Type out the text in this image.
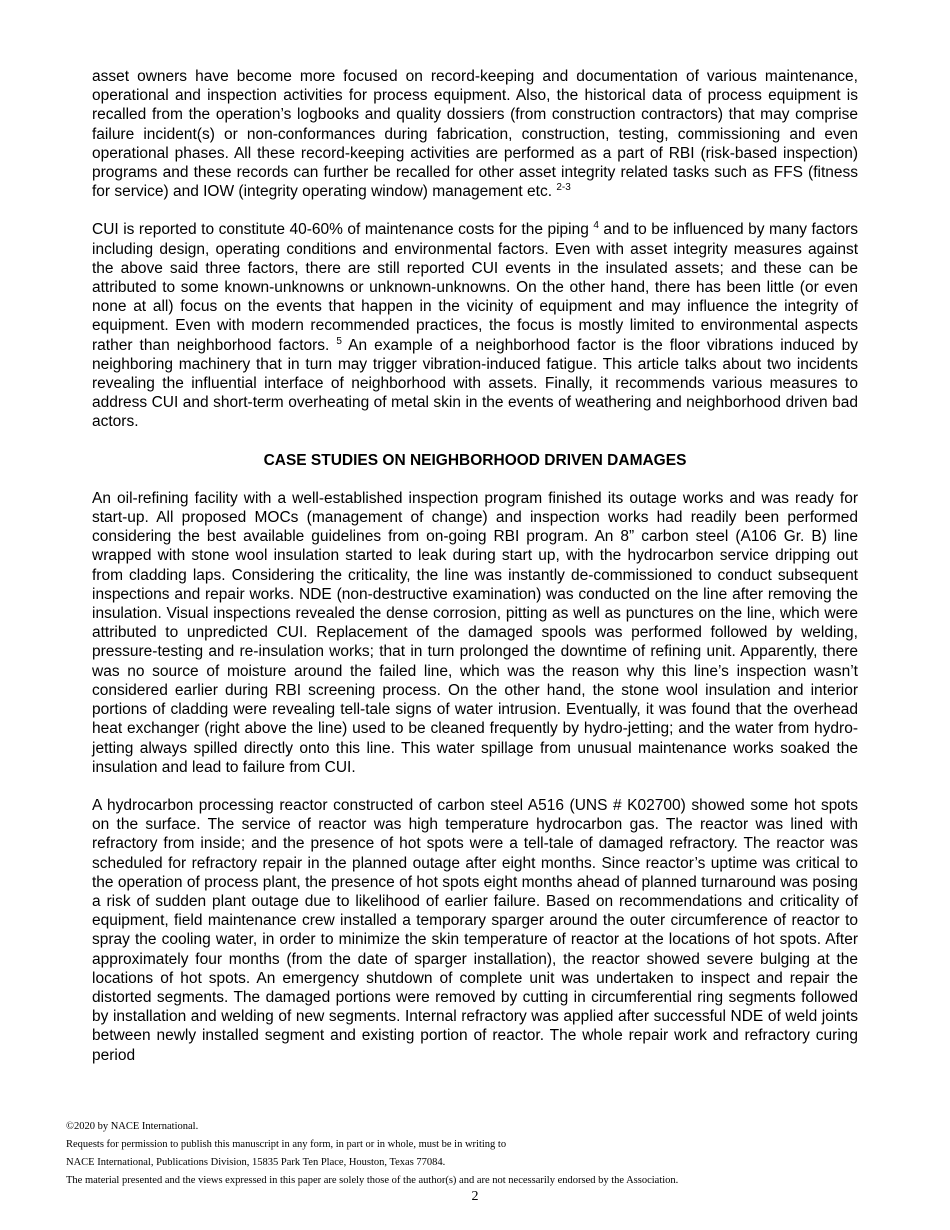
asset owners have become more focused on record-keeping and documentation of various maintenance, operational and inspection activities for process equipment. Also, the historical data of process equipment is recalled from the operation’s logbooks and quality dossiers (from construction contractors) that may comprise failure incident(s) or non-conformances during fabrication, construction, testing, commissioning and even operational phases. All these record-keeping activities are performed as a part of RBI (risk-based inspection) programs and these records can further be recalled for other asset integrity related tasks such as FFS (fitness for service) and IOW (integrity operating window) management etc. $^{2-3}$

CUI is reported to constitute 40-60% of maintenance costs for the piping $^4$ and to be influenced by many factors including design, operating conditions and environmental factors. Even with asset integrity measures against the above said three factors, there are still reported CUI events in the insulated assets; and these can be attributed to some known-unknowns or unknown-unknowns. On the other hand, there has been little (or even none at all) focus on the events that happen in the vicinity of equipment and may influence the integrity of equipment. Even with modern recommended practices, the focus is mostly limited to environmental aspects rather than neighborhood factors. $^5$ An example of a neighborhood factor is the floor vibrations induced by neighboring machinery that in turn may trigger vibration-induced fatigue. This article talks about two incidents revealing the influential interface of neighborhood with assets. Finally, it recommends various measures to address CUI and short-term overheating of metal skin in the events of weathering and neighborhood driven bad actors.

CASE STUDIES ON NEIGHBORHOOD DRIVEN DAMAGES

An oil-refining facility with a well-established inspection program finished its outage works and was ready for start-up. All proposed MOCs (management of change) and inspection works had readily been performed considering the best available guidelines from on-going RBI program. An 8” carbon steel (A106 Gr. B) line wrapped with stone wool insulation started to leak during start up, with the hydrocarbon service dripping out from cladding laps. Considering the criticality, the line was instantly de-commissioned to conduct subsequent inspections and repair works. NDE (non-destructive examination) was conducted on the line after removing the insulation. Visual inspections revealed the dense corrosion, pitting as well as punctures on the line, which were attributed to unpredicted CUI. Replacement of the damaged spools was performed followed by welding, pressure-testing and re-insulation works; that in turn prolonged the downtime of refining unit. Apparently, there was no source of moisture around the failed line, which was the reason why this line’s inspection wasn’t considered earlier during RBI screening process. On the other hand, the stone wool insulation and interior portions of cladding were revealing tell-tale signs of water intrusion. Eventually, it was found that the overhead heat exchanger (right above the line) used to be cleaned frequently by hydro-jetting; and the water from hydro-jetting always spilled directly onto this line. This water spillage from unusual maintenance works soaked the insulation and lead to failure from CUI.

A hydrocarbon processing reactor constructed of carbon steel A516 (UNS # K02700) showed some hot spots on the surface. The service of reactor was high temperature hydrocarbon gas. The reactor was lined with refractory from inside; and the presence of hot spots were a tell-tale of damaged refractory. The reactor was scheduled for refractory repair in the planned outage after eight months. Since reactor’s uptime was critical to the operation of process plant, the presence of hot spots eight months ahead of planned turnaround was posing a risk of sudden plant outage due to likelihood of earlier failure. Based on recommendations and criticality of equipment, field maintenance crew installed a temporary sparger around the outer circumference of reactor to spray the cooling water, in order to minimize the skin temperature of reactor at the locations of hot spots. After approximately four months (from the date of sparger installation), the reactor showed severe bulging at the locations of hot spots. An emergency shutdown of complete unit was undertaken to inspect and repair the distorted segments. The damaged portions were removed by cutting in circumferential ring segments followed by installation and welding of new segments. Internal refractory was applied after successful NDE of weld joints between newly installed segment and existing portion of reactor. The whole repair work and refractory curing period

©2020 by NACE International.
Requests for permission to publish this manuscript in any form, in part or in whole, must be in writing to
NACE International, Publications Division, 15835 Park Ten Place, Houston, Texas 77084.
The material presented and the views expressed in this paper are solely those of the author(s) and are not necessarily endorsed by the Association.
2
